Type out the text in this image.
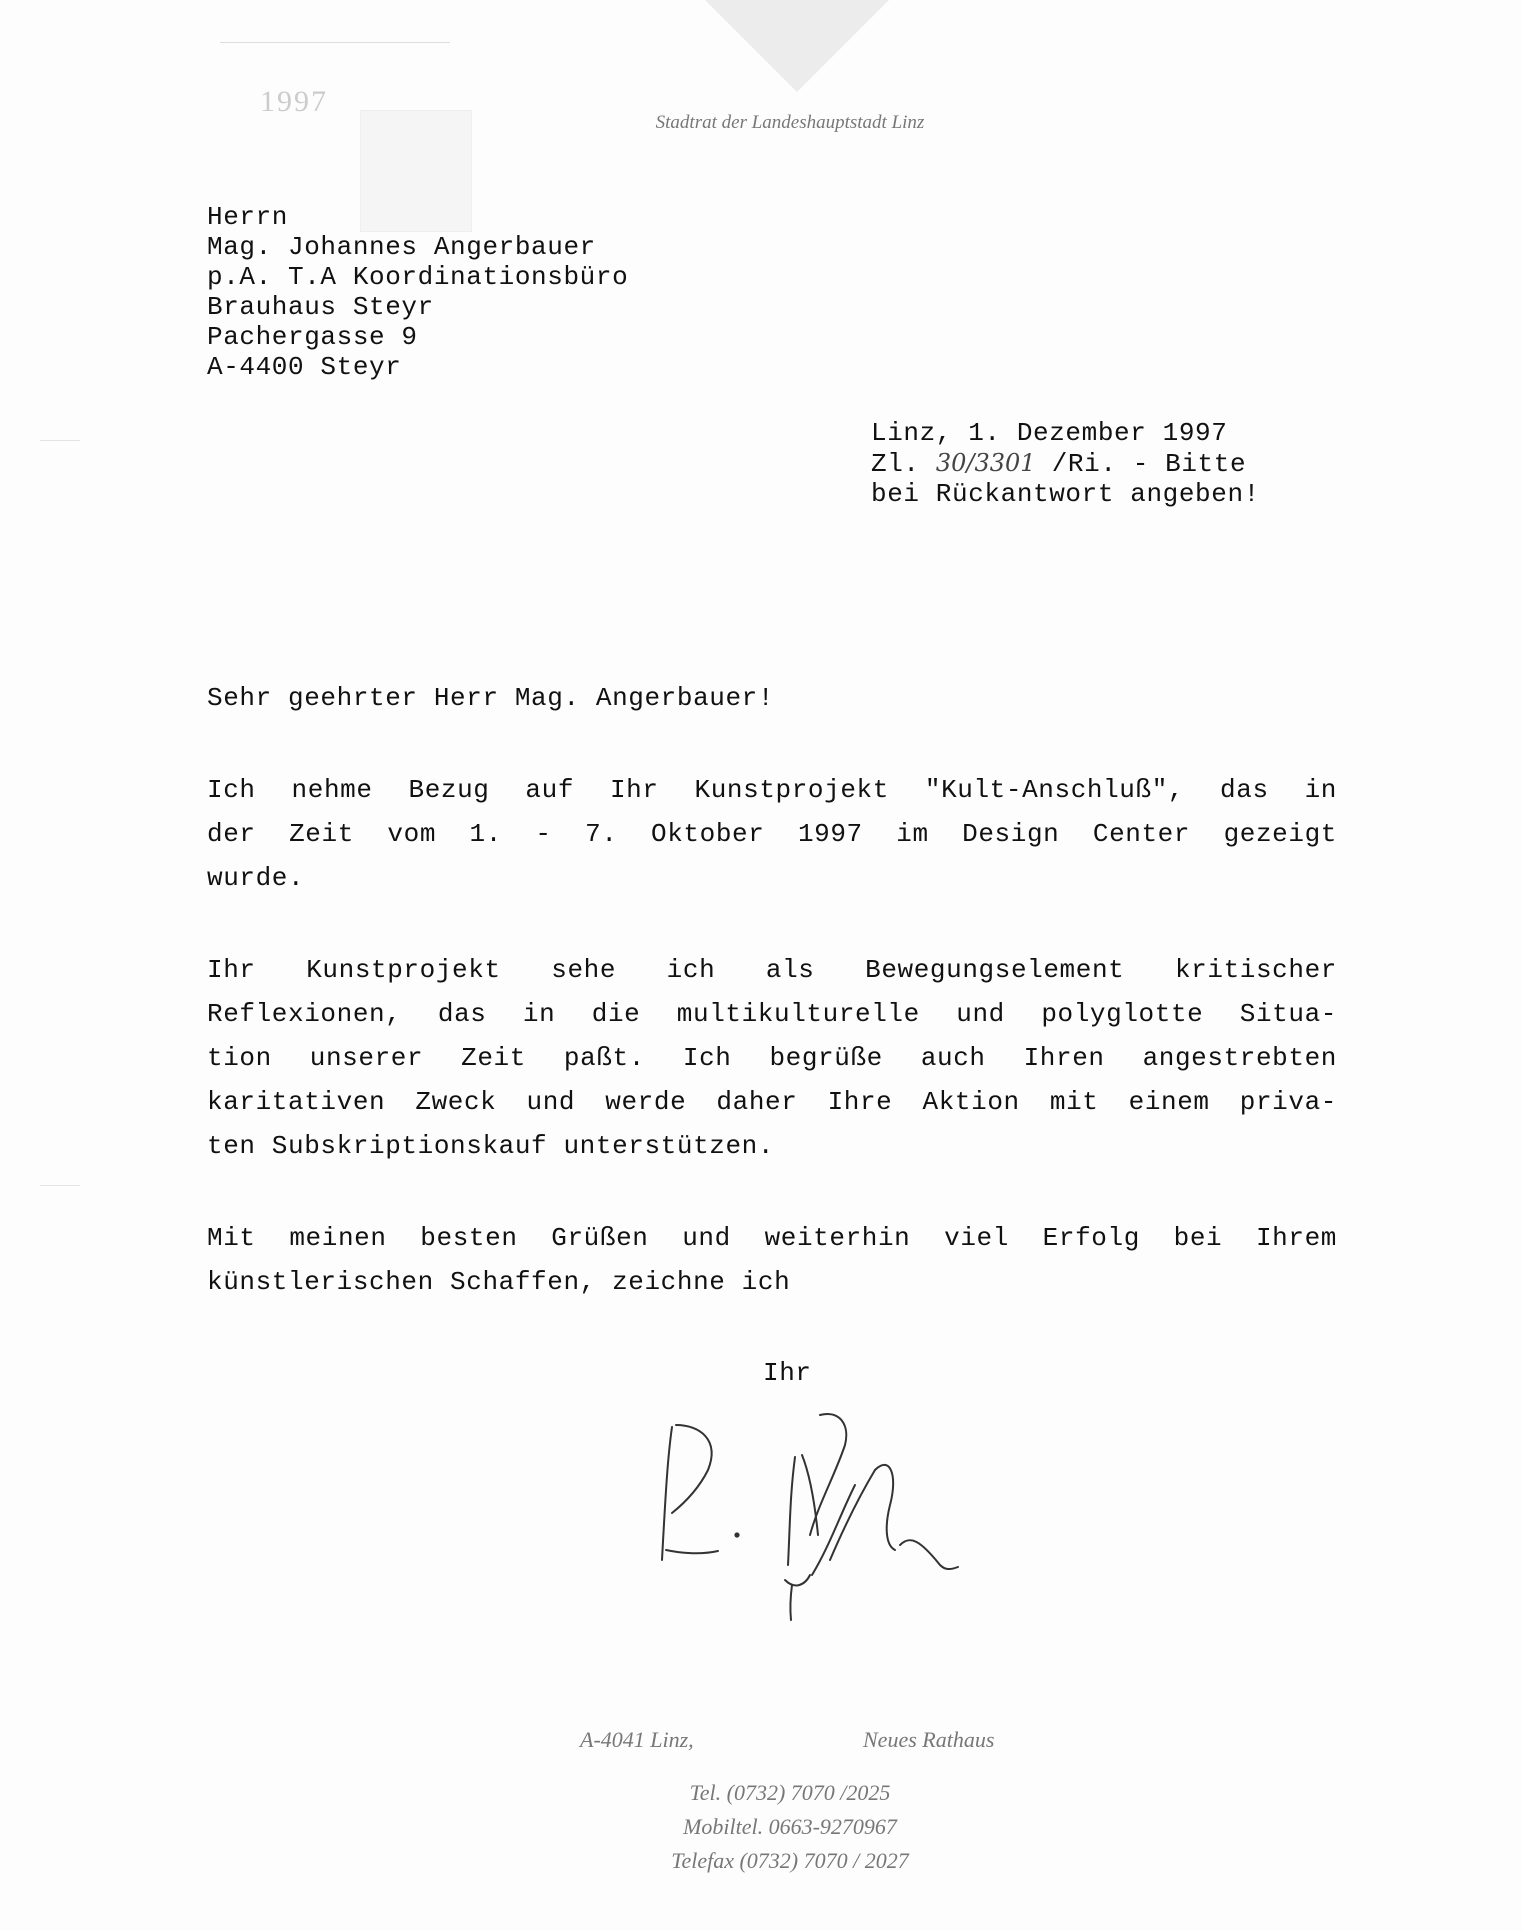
1997
Stadtrat der Landeshauptstadt Linz
Herrn
Mag. Johannes Angerbauer
p.A. T.A Koordinationsbüro
Brauhaus Steyr
Pachergasse 9
A-4400 Steyr
Linz, 1. Dezember 1997
Zl. 30/3301 /Ri. - Bitte
bei Rückantwort angeben!
Sehr geehrter Herr Mag. Angerbauer!
Ich nehme Bezug auf Ihr Kunstprojekt "Kult-Anschluß", das in
der Zeit vom 1. - 7. Oktober 1997 im Design Center gezeigt
wurde.
Ihr Kunstprojekt sehe ich als Bewegungselement kritischer
Reflexionen, das in die multikulturelle und polyglotte Situa-
tion unserer Zeit paßt. Ich begrüße auch Ihren angestrebten
karitativen Zweck und werde daher Ihre Aktion mit einem priva-
ten Subskriptionskauf unterstützen.
Mit meinen besten Grüßen und weiterhin viel Erfolg bei Ihrem
künstlerischen Schaffen, zeichne ich
Ihr
A-4041 Linz,	Neues Rathaus
Tel. (0732) 7070 /2025
Mobiltel. 0663-9270967
Telefax (0732) 7070 / 2027
